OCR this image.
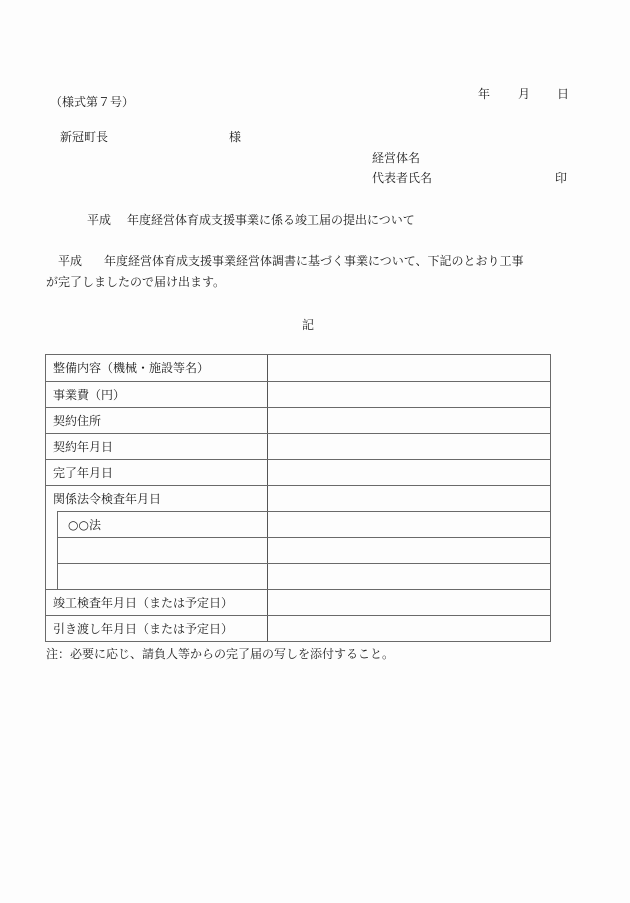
（様式第７号）
年 月 日
新冠町長	様
経営体名
代表者氏名	印
平成 年度経営体育成支援事業に係る竣工届の提出について
平成 年度経営体育成支援事業経営体調書に基づく事業について、下記のとおり工事
が完了しましたので届け出ます。
記
整備内容（機械・施設等名）
事業費（円）
契約住所
契約年月日
完了年月日
関係法令検査年月日
○○法
竣工検査年月日（または予定日）
引き渡し年月日（または予定日）
注：必要に応じ、請負人等からの完了届の写しを添付すること。
